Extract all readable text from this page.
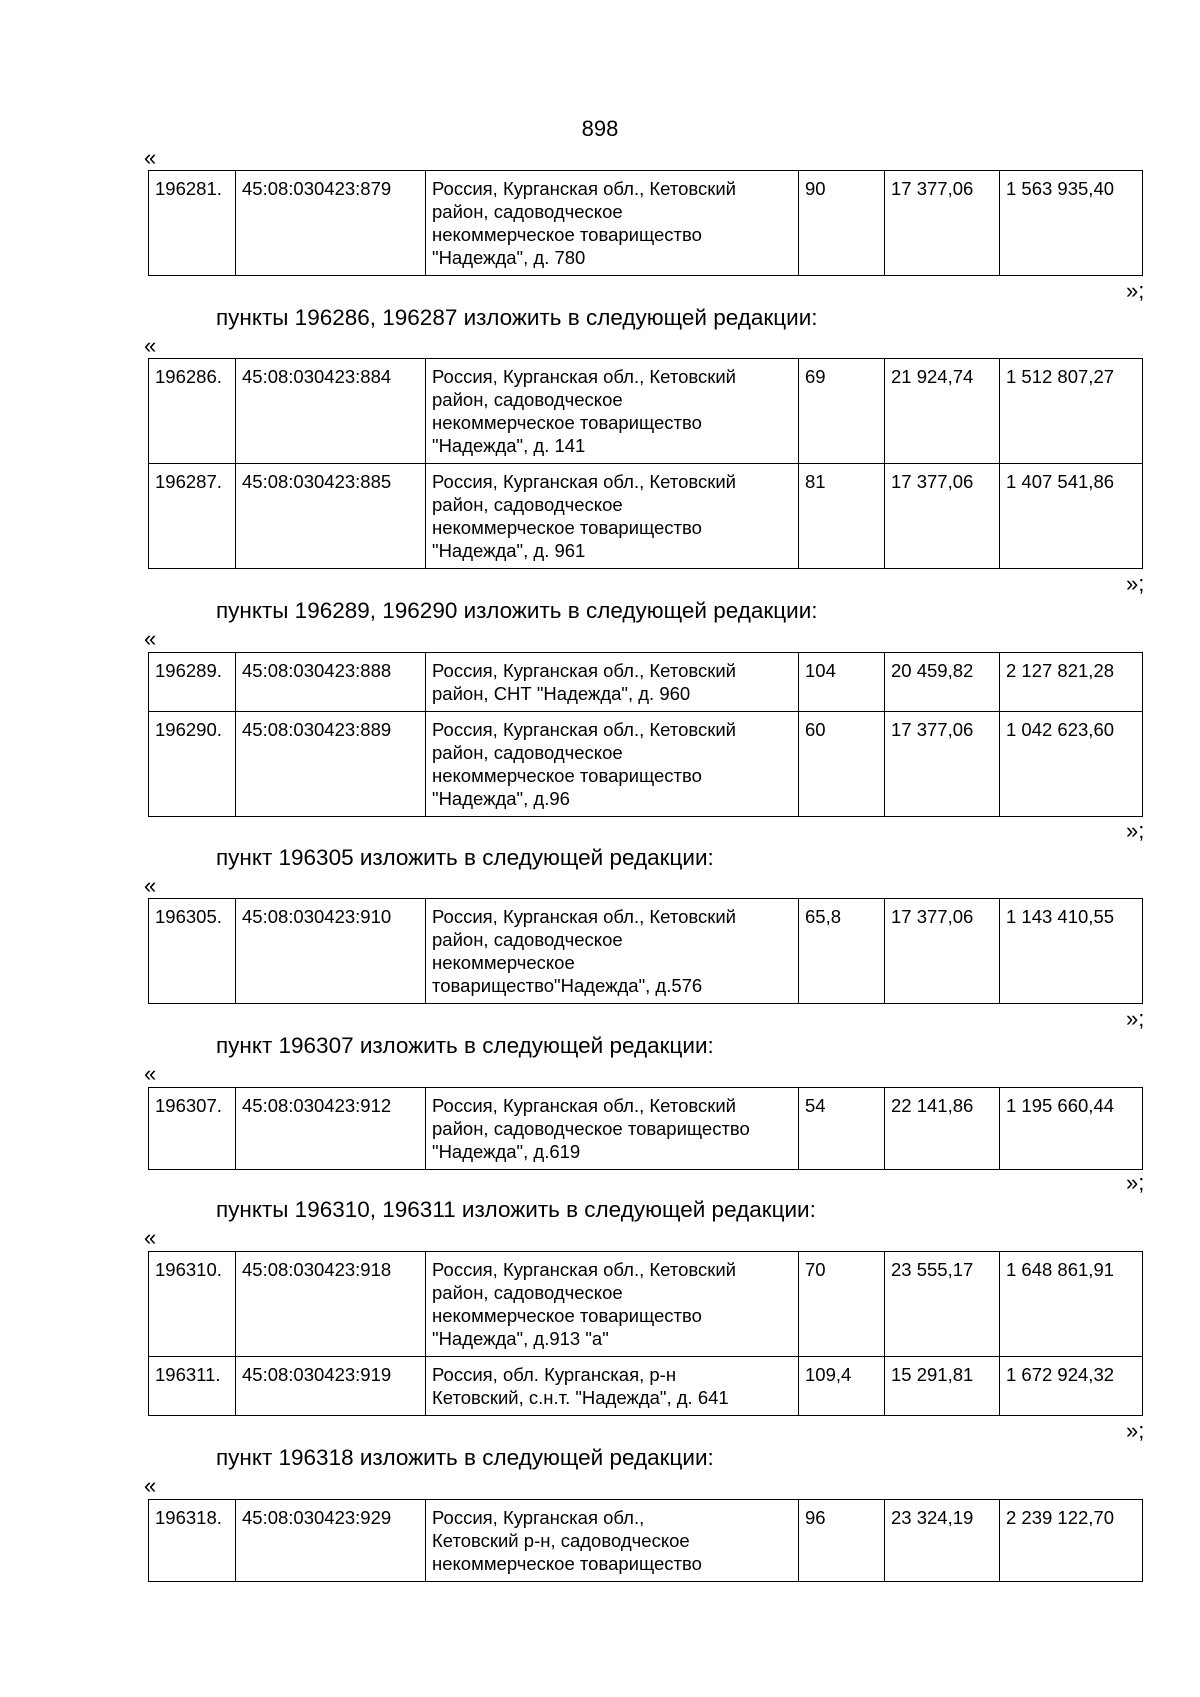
898
«
196281.	45:08:030423:879	Россия, Курганская обл., Кетовский
район, садоводческое
некоммерческое товарищество
"Надежда", д. 780
	90	17 377,06	1 563 935,40
»;
пункты 196286, 196287 изложить в следующей редакции:
«
196286.	45:08:030423:884	Россия, Курганская обл., Кетовский
район, садоводческое
некоммерческое товарищество
"Надежда", д. 141	69	21 924,74	1 512 807,27
196287.	45:08:030423:885	Россия, Курганская обл., Кетовский
район, садоводческое
некоммерческое товарищество
"Надежда", д. 961	81	17 377,06	1 407 541,86
»;
пункты 196289, 196290 изложить в следующей редакции:
«
196289.	45:08:030423:888	Россия, Курганская обл., Кетовский
район, СНТ "Надежда", д. 960	104	20 459,82	2 127 821,28
196290.	45:08:030423:889	Россия, Курганская обл., Кетовский
район, садоводческое
некоммерческое товарищество
"Надежда", д.96	60	17 377,06	1 042 623,60
»;
пункт 196305 изложить в следующей редакции:
«
196305.	45:08:030423:910	Россия, Курганская обл., Кетовский
район, садоводческое
некоммерческое
товарищество"Надежда", д.576
	65,8	17 377,06	1 143 410,55
»;
пункт 196307 изложить в следующей редакции:
«
196307.	45:08:030423:912	Россия, Курганская обл., Кетовский
район, садоводческое товарищество
"Надежда", д.619
	54	22 141,86	1 195 660,44
»;
пункты 196310, 196311 изложить в следующей редакции:
«
196310.	45:08:030423:918	Россия, Курганская обл., Кетовский
район, садоводческое
некоммерческое товарищество
"Надежда", д.913 "а"	70	23 555,17	1 648 861,91
196311.	45:08:030423:919	Россия, обл. Курганская, р-н
Кетовский, с.н.т. "Надежда", д. 641	109,4	15 291,81	1 672 924,32
»;
пункт 196318 изложить в следующей редакции:
«
196318.	45:08:030423:929	Россия, Курганская обл.,
Кетовский р-н, садоводческое
некоммерческое товарищество
	96	23 324,19	2 239 122,70
